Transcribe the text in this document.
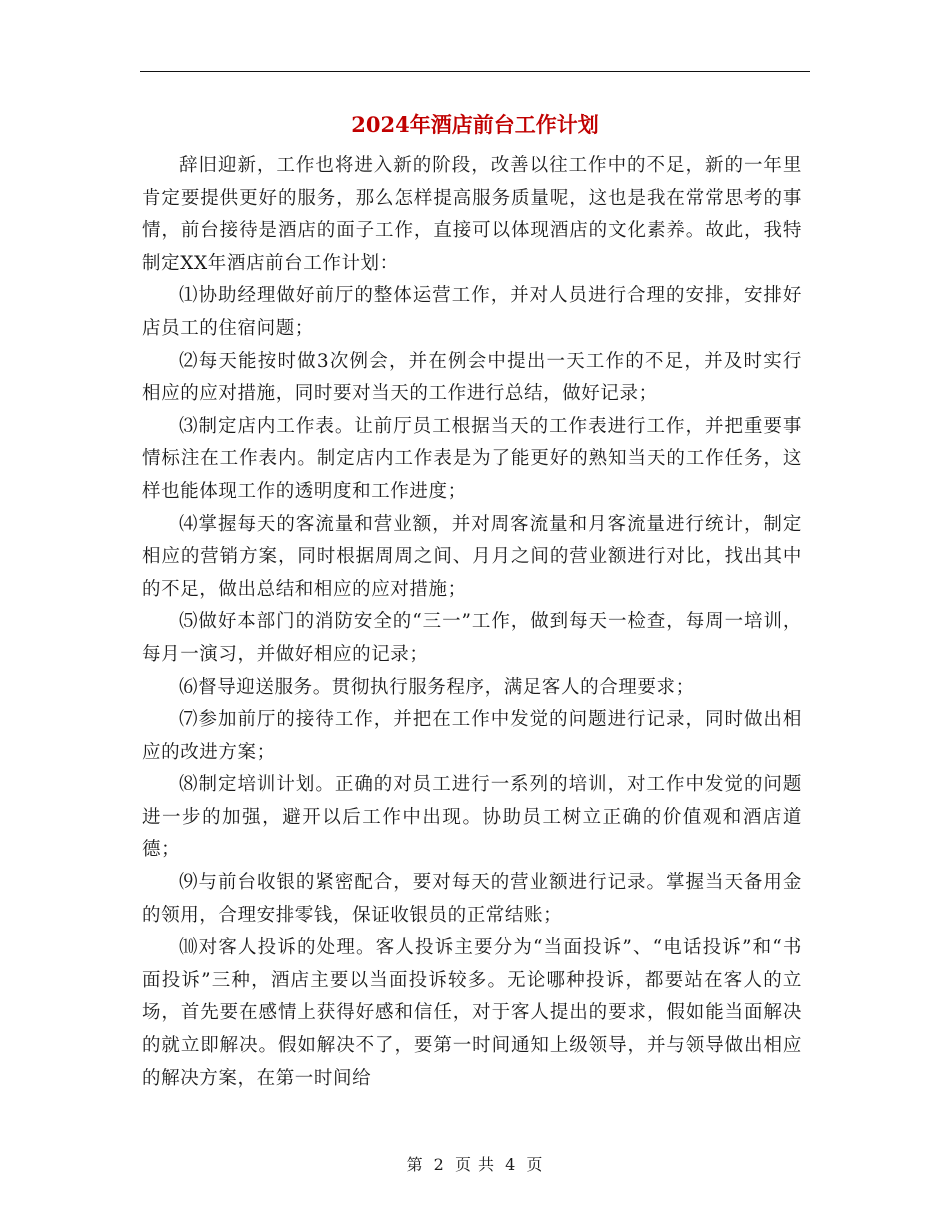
2024年酒店前台工作计划

辞旧迎新，工作也将进入新的阶段，改善以往工作中的不足，新的一年里肯定要提供更好的服务，那么怎样提高服务质量呢，这也是我在常常思考的事情，前台接待是酒店的面子工作，直接可以体现酒店的文化素养。故此，我特制定XX年酒店前台工作计划：

⑴协助经理做好前厅的整体运营工作，并对人员进行合理的安排，安排好店员工的住宿问题；

⑵每天能按时做3次例会，并在例会中提出一天工作的不足，并及时实行相应的应对措施，同时要对当天的工作进行总结，做好记录；

⑶制定店内工作表。让前厅员工根据当天的工作表进行工作，并把重要事情标注在工作表内。制定店内工作表是为了能更好的熟知当天的工作任务，这样也能体现工作的透明度和工作进度；

⑷掌握每天的客流量和营业额，并对周客流量和月客流量进行统计，制定相应的营销方案，同时根据周周之间、月月之间的营业额进行对比，找出其中的不足，做出总结和相应的应对措施；

⑸做好本部门的消防安全的“三一”工作，做到每天一检查，每周一培训，每月一演习，并做好相应的记录；

⑹督导迎送服务。贯彻执行服务程序，满足客人的合理要求；

⑺参加前厅的接待工作，并把在工作中发觉的问题进行记录，同时做出相应的改进方案；

⑻制定培训计划。正确的对员工进行一系列的培训，对工作中发觉的问题进一步的加强，避开以后工作中出现。协助员工树立正确的价值观和酒店道德；

⑼与前台收银的紧密配合，要对每天的营业额进行记录。掌握当天备用金的领用，合理安排零钱，保证收银员的正常结账；

⑽对客人投诉的处理。客人投诉主要分为“当面投诉”、“电话投诉”和“书面投诉”三种，酒店主要以当面投诉较多。无论哪种投诉，都要站在客人的立场，首先要在感情上获得好感和信任，对于客人提出的要求，假如能当面解决的就立即解决。假如解决不了，要第一时间通知上级领导，并与领导做出相应的解决方案，在第一时间给

第 2 页 共 4 页
